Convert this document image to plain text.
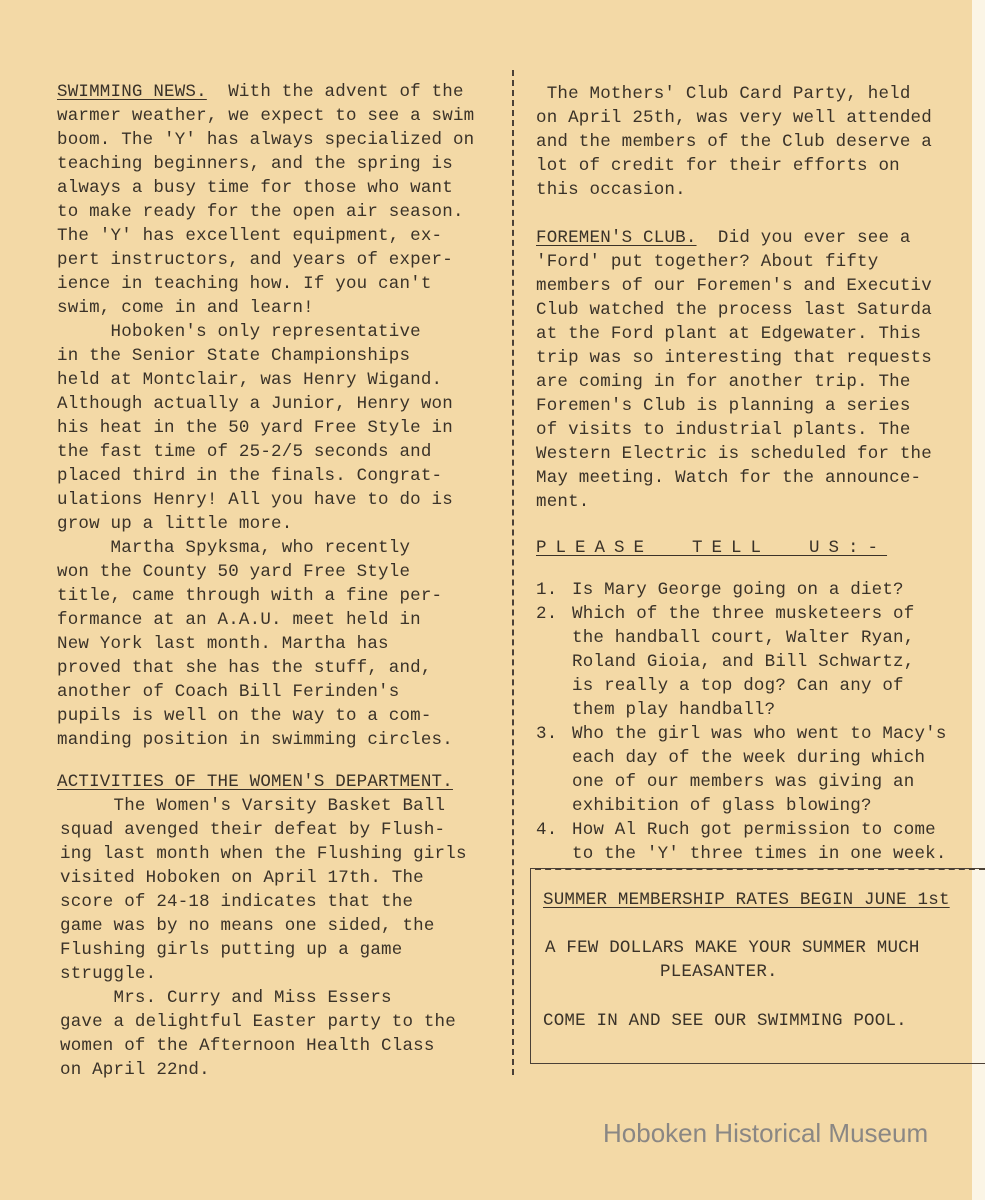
SWIMMING NEWS.  With the advent of the
warmer weather, we expect to see a swim
boom. The 'Y' has always specialized on
teaching beginners, and the spring is
always a busy time for those who want
to make ready for the open air season.
The 'Y' has excellent equipment, ex-
pert instructors, and years of exper-
ience in teaching how. If you can't
swim, come in and learn!
Hoboken's only representative
in the Senior State Championships
held at Montclair, was Henry Wigand.
Although actually a Junior, Henry won
his heat in the 50 yard Free Style in
the fast time of 25-2/5 seconds and
placed third in the finals. Congrat-
ulations Henry! All you have to do is
grow up a little more.
Martha Spyksma, who recently
won the County 50 yard Free Style
title, came through with a fine per-
formance at an A.A.U. meet held in
New York last month. Martha has
proved that she has the stuff, and,
another of Coach Bill Ferinden's
pupils is well on the way to a com-
manding position in swimming circles.
ACTIVITIES OF THE WOMEN'S DEPARTMENT.
The Women's Varsity Basket Ball
squad avenged their defeat by Flush-
ing last month when the Flushing girls
visited Hoboken on April 17th. The
score of 24-18 indicates that the
game was by no means one sided, the
Flushing girls putting up a game
struggle.
Mrs. Curry and Miss Essers
gave a delightful Easter party to the
women of the Afternoon Health Class
on April 22nd.
The Mothers' Club Card Party, held
on April 25th, was very well attended
and the members of the Club deserve a
lot of credit for their efforts on
this occasion.
FOREMEN'S CLUB.  Did you ever see a
'Ford' put together? About fifty
members of our Foremen's and Executiv
Club watched the process last Saturda
at the Ford plant at Edgewater. This
trip was so interesting that requests
are coming in for another trip. The
Foremen's Club is planning a series
of visits to industrial plants. The
Western Electric is scheduled for the
May meeting. Watch for the announce-
ment.
PLEASE  TELL  US:-
1. Is Mary George going on a diet?
2. Which of the three musketeers of
the handball court, Walter Ryan,
Roland Gioia, and Bill Schwartz,
is really a top dog? Can any of
them play handball?
3. Who the girl was who went to Macy's
each day of the week during which
one of our members was giving an
exhibition of glass blowing?
4. How Al Ruch got permission to come
to the 'Y' three times in one week.
SUMMER MEMBERSHIP RATES BEGIN JUNE 1st
A FEW DOLLARS MAKE YOUR SUMMER MUCH
PLEASANTER.
COME IN AND SEE OUR SWIMMING POOL.
Hoboken Historical Museum
